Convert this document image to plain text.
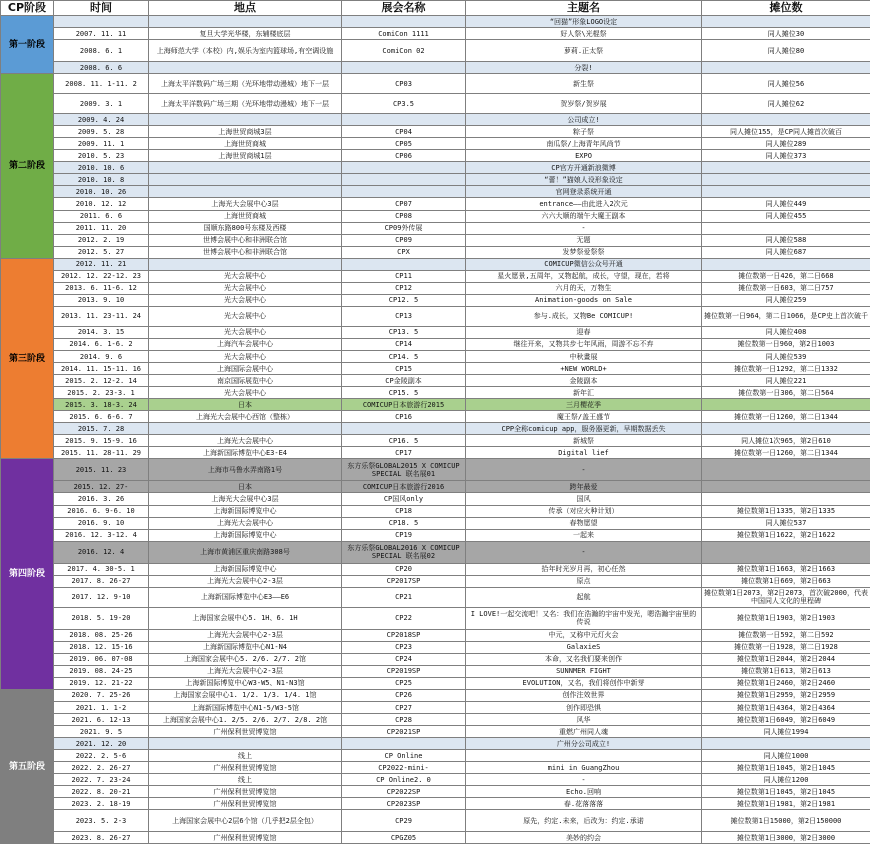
CP阶段	时间	地点	展会名称	主题名	摊位数
第一阶段				“回猫”形象LOGO设定	
	2007. 11. 11	复旦大学光华楼，东辅楼底层	ComiCon 1111	好人祭\光棍祭	同人摊位30
	2008. 6. 1	上海师范大学（本校）内,娱乐为室内篮球场,有空调设施	ComiCon 02	萝莉.正太祭	同人摊位80
	2008. 6. 6			分裂!	
第二阶段	2008. 11. 1-11. 2	上海太平洋数码广场三期（光环地带动漫城）地下一层	CP03	新生祭	同人摊位56
	2009. 3. 1	上海太平洋数码广场三期（光环地带动漫城）地下一层	CP3.5	贺岁祭/贺岁展	同人摊位62
	2009. 4. 24			公司成立!	
	2009. 5. 28	上海世贸商城3层	CP04	粽子祭	同人摊位155，是CP同人摊首次破百
	2009. 11. 1	上海世贸商城	CP05	南瓜祭/上海青年风尚节	同人摊位289
	2010. 5. 23	上海世贸商城1层	CP06	EXPO	同人摊位373
	2010. 10. 6			CP官方开通新浪微博	
	2010. 10. 8			“蕾！”猫娘人设形象设定	
	2010. 10. 26			官网登录系统开通	
	2010. 12. 12	上海光大会展中心3层	CP07	entrance——由此进入2次元	同人摊位449
	2011. 6. 6	上海世贸商城	CP08	六六大顺的端午大魔王副本	同人摊位455
	2011. 11. 20	国顺东路800号东楼及西楼	CP09外传展	-	
	2012. 2. 19	世博会展中心和非洲联合馆	CP09	无题	同人摊位588
	2012. 5. 27	世博会展中心和非洲联合馆	CPX	发梦祭爱祭祭	同人摊位687
第三阶段	2012. 11. 21			COMICUP微信公众号开通	
	2012. 12. 22-12. 23	光大会展中心	CP11	星火愿景,五周年，又物起航，成长，守望，现在，若将	摊位数第一日426，第二日668
	2013. 6. 11-6. 12	光大会展中心	CP12	六月的天，万物生	摊位数第一日603，第二日757
	2013. 9. 10	光大会展中心	CP12. 5	Animation-goods on Sale	同人摊位259
	2013. 11. 23-11. 24	光大会展中心	CP13	参与.成长，又物Be COMICUP!	摊位数第一日964，第二日1066，是CP史上首次破千
	2014. 3. 15	光大会展中心	CP13. 5	迎春	同人摊位408
	2014. 6. 1-6. 2	上海汽车会展中心	CP14	继往开来，又物共步七年风雨，周游不忘不弃	摊位数第一日960，第2日1003
	2014. 9. 6	光大会展中心	CP14. 5	中秋畫展	同人摊位539
	2014. 11. 15-11. 16	上海国际会展中心	CP15	+NEW WORLD+	摊位数第一日1292，第二日1332
	2015. 2. 12-2. 14	南京国际展览中心	CP金陵副本	金陵副本	同人摊位221
	2015. 2. 23-3. 1	光大会展中心	CP15. 5	新年汇	摊位数第一日306，第二日564
	2015. 3. 18-3. 24	日本	COMICUP日本旅游行2015	三月樱花季	
	2015. 6. 6-6. 7	上海光大会展中心西馆（整栋）	CP16	魔王祭/盖王盛节	摊位数第一日1260，第二日1344
	2015. 7. 28			CPP全称comicup app，服务器更新，早期数据丢失	
	2015. 9. 15-9. 16	上海光大会展中心	CP16. 5	新城祭	同人摊位1次965，第2日610
	2015. 11. 28-11. 29	上海新国际博览中心E3-E4	CP17	Digital lief	摊位数第一日1260，第二日1344
第四阶段	2015. 11. 23	上海市马鲁水弄南路1号	东方乐祭GLOBAL2015 X COMICUP SPECIAL 联名展01	-	
	2015. 12. 27-	日本	COMICUP日本旅游行2016	跨年最爱	
	2016. 3. 26	上海光大会展中心3层	CP国风only	国风	
	2016. 6. 9-6. 10	上海新国际博览中心	CP18	传承（对应火种计划）	摊位数第1日1335，第2日1335
	2016. 9. 10	上海光大会展中心	CP18. 5	春物愿望	同人摊位537
	2016. 12. 3-12. 4	上海新国际博览中心	CP19	一起来	摊位数第1日1622，第2日1622
	2016. 12. 4	上海市黄浦区重庆南路308号	东方乐祭GLOBAL2016 X COMICUP SPECIAL 联名展02	-	
	2017. 4. 30-5. 1	上海新国际博览中心	CP20	拾年时光岁月再，初心任然	摊位数第1日1663，第2日1663
	2017. 8. 26-27	上海光大会展中心2-3层	CP2017SP	原点	摊位数第1日669，第2日663
	2017. 12. 9-10	上海新国际博览中心E3——E6	CP21	起航	摊位数第1日2073，第2日2073，首次破2000，代表中国同人文化的里程碑
	2018. 5. 19-20	上海国家会展中心5. 1H、6. 1H	CP22	I LOVE!一起交流吧！又名：我们在浩瀚的宇宙中发光，嗯浩瀚宇宙里的传说	摊位数第1日1903，第2日1903
	2018. 08. 25-26	上海光大会展中心2-3层	CP2018SP	中元，又称中元灯火会	摊位数第一日592，第二日592
	2018. 12. 15-16	上海新国际博览中心N1-N4	CP23	GalaxieS	摊位数第一日1928，第二日1928
	2019. 06. 07-08	上海国家会展中心5. 2/6. 2/7. 2馆	CP24	本命，又名我们要来创作	摊位数第1日2044，第2日2044
	2019. 08. 24-25	上海光大会展中心2-3层	CP2019SP	SUNNMER FIGHT	摊位数第1日613，第2日613
	2019. 12. 21-22	上海新国际博览中心W3-W5、N1-N3馆	CP25	EVOLUTION，又名，我们将创作中新芽	摊位数第1日2460，第2日2460
第五阶段	2020. 7. 25-26	上海国家会展中心1. 1/2. 1/3. 1/4. 1馆	CP26	创作注效世界	摊位数第1日2959，第2日2959
	2021. 1. 1-2	上海新国际博览中心N1-5/W3-5馆	CP27	创作即恐惧	摊位数第1日4364，第2日4364
	2021. 6. 12-13	上海国家会展中心1. 2/5. 2/6. 2/7. 2/8. 2馆	CP28	风华	摊位数第1日6049，第2日6049
	2021. 9. 5	广州保利世贸博览馆	CP2021SP	重燃广州同人魂	同人摊位1994
	2021. 12. 20			广州分公司成立!	
	2022. 2. 5-6	线上	CP Online		同人摊位1000
	2022. 2. 26-27	广州保利世贸博览馆	CP2022-mini-	mini in GuangZhou	摊位数第1日1045，第2日1045
	2022. 7. 23-24	线上	CP Online2. 0	-	同人摊位1200
	2022. 8. 20-21	广州保利世贸博览馆	CP2022SP	Echo.回响	摊位数第1日1045，第2日1045
	2023. 2. 18-19	广州保利世贸博览馆	CP2023SP	春.花落落落	摊位数第1日1981，第2日1981
	2023. 5. 2-3	上海国家会展中心2层6个馆（几乎把2层全包）	CP29	原先，约定.未来，后改为：约定.承诺	摊位数第1日15000，第2日150000
	2023. 8. 26-27	广州保利世贸博览馆	CPGZ05	美妙的约会	摊位数第1日3000，第2日3000
